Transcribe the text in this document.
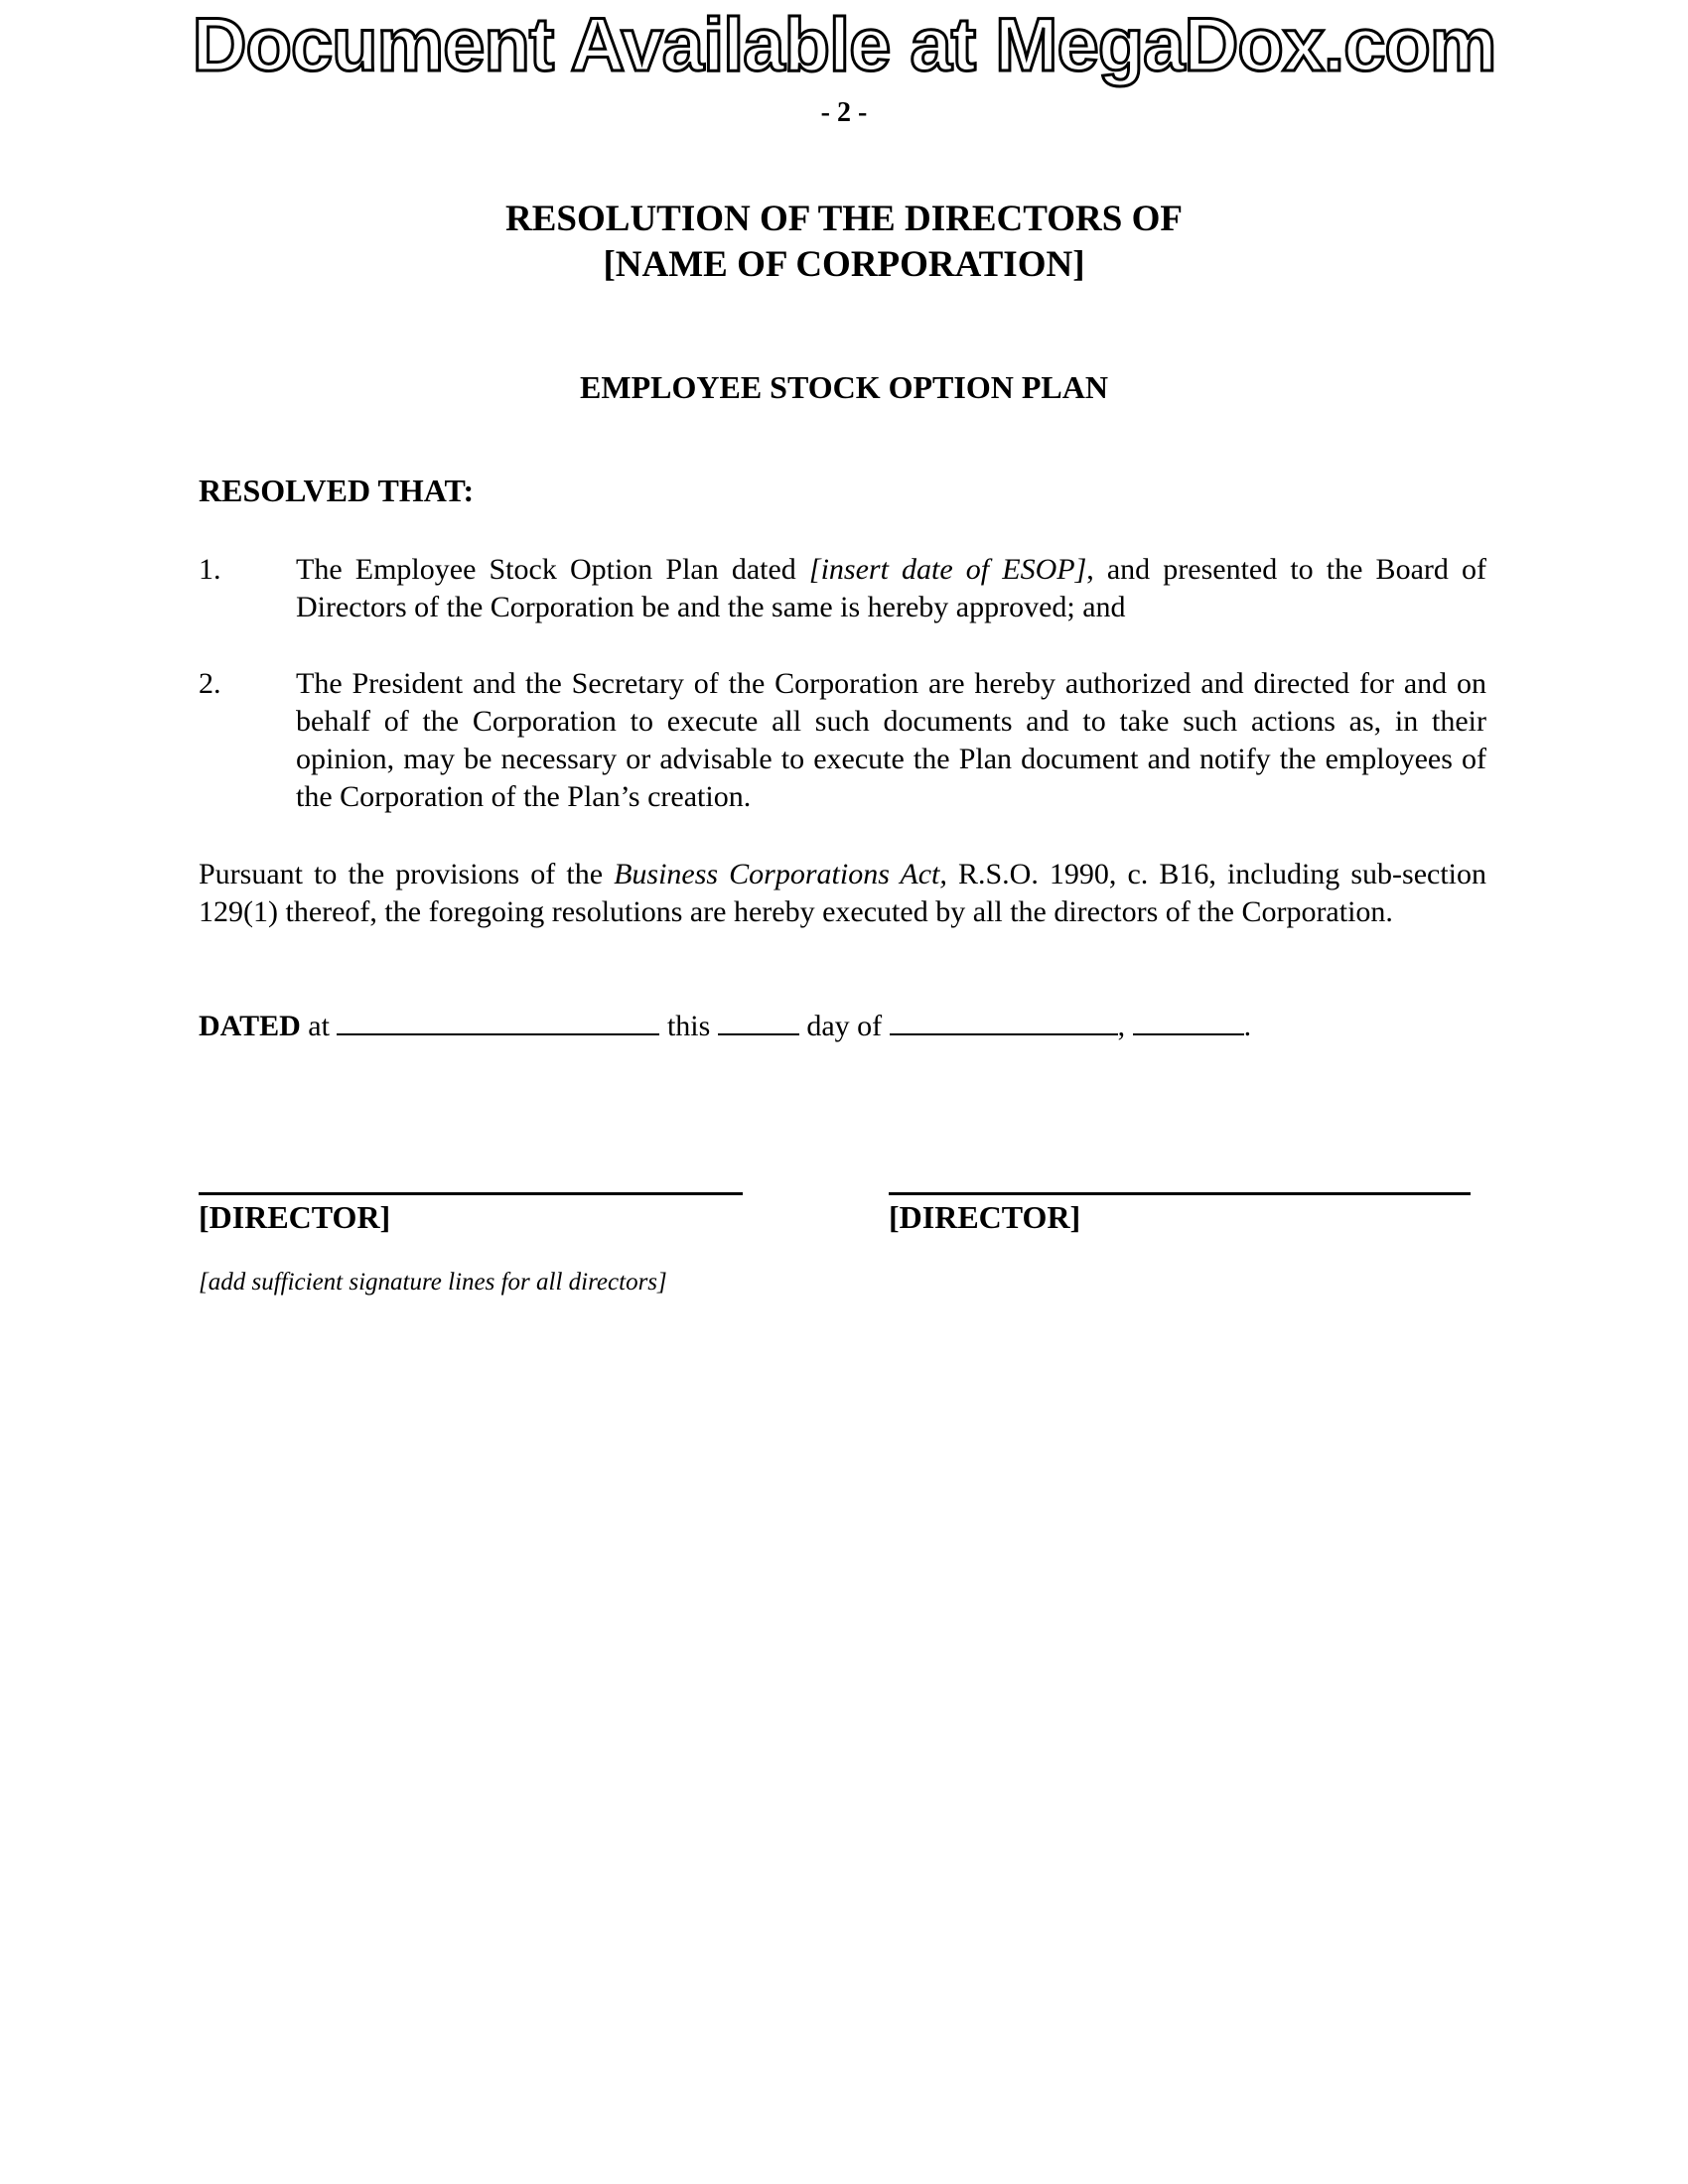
Document Available at MegaDox.com
- 2 -
RESOLUTION OF THE DIRECTORS OF
[NAME OF CORPORATION]
EMPLOYEE STOCK OPTION PLAN
RESOLVED THAT:
1.	The Employee Stock Option Plan dated [insert date of ESOP], and presented to the Board of Directors of the Corporation be and the same is hereby approved; and
2.	The President and the Secretary of the Corporation are hereby authorized and directed for and on behalf of the Corporation to execute all such documents and to take such actions as, in their opinion, may be necessary or advisable to execute the Plan document and notify the employees of the Corporation of the Plan’s creation.
Pursuant to the provisions of the Business Corporations Act, R.S.O. 1990, c. B16, including sub-section 129(1) thereof, the foregoing resolutions are hereby executed by all the directors of the Corporation.
DATED at	this	day of	,	.
[DIRECTOR]	[DIRECTOR]
[add sufficient signature lines for all directors]
